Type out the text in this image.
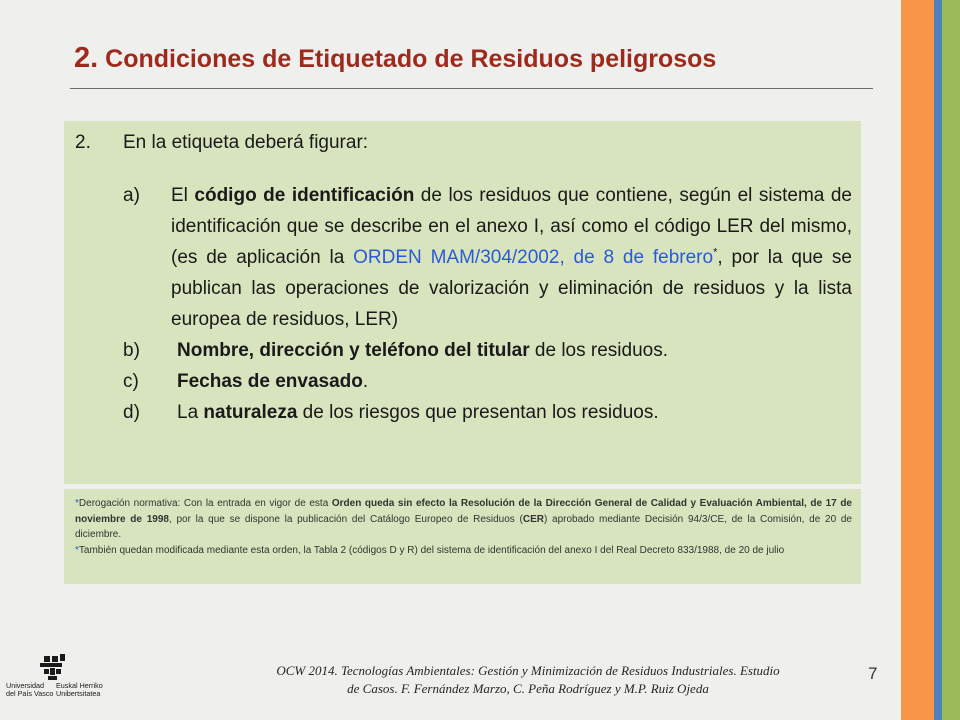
2. Condiciones de Etiquetado de Residuos peligrosos
2.	En la etiqueta deberá figurar:
a)	El código de identificación de los residuos que contiene, según el sistema de identificación que se describe en el anexo I, así como el código LER del mismo, (es de aplicación la ORDEN MAM/304/2002, de 8 de febrero*, por la que se publican las operaciones de valorización y eliminación de residuos y la lista europea de residuos, LER)
b)	Nombre, dirección y teléfono del titular de los residuos.
c)	Fechas de envasado.
d)	La naturaleza de los riesgos que presentan los residuos.

*Derogación normativa: Con la entrada en vigor de esta Orden queda sin efecto la Resolución de la Dirección General de Calidad y Evaluación Ambiental, de 17 de noviembre de 1998, por la que se dispone la publicación del Catálogo Europeo de Residuos (CER) aprobado mediante Decisión 94/3/CE, de la Comisión, de 20 de diciembre.

*También quedan modificada mediante esta orden, la Tabla 2 (códigos D y R) del sistema de identificación del anexo I del Real Decreto 833/1988, de 20 de julio

Universidad
del País Vasco
Euskal Herriko
Unibertsitatea

OCW 2014. Tecnologías Ambientales: Gestión y Minimización de Residuos Industriales. Estudio
de Casos. F. Fernández Marzo, C. Peña Rodríguez y M.P. Ruiz Ojeda

7
